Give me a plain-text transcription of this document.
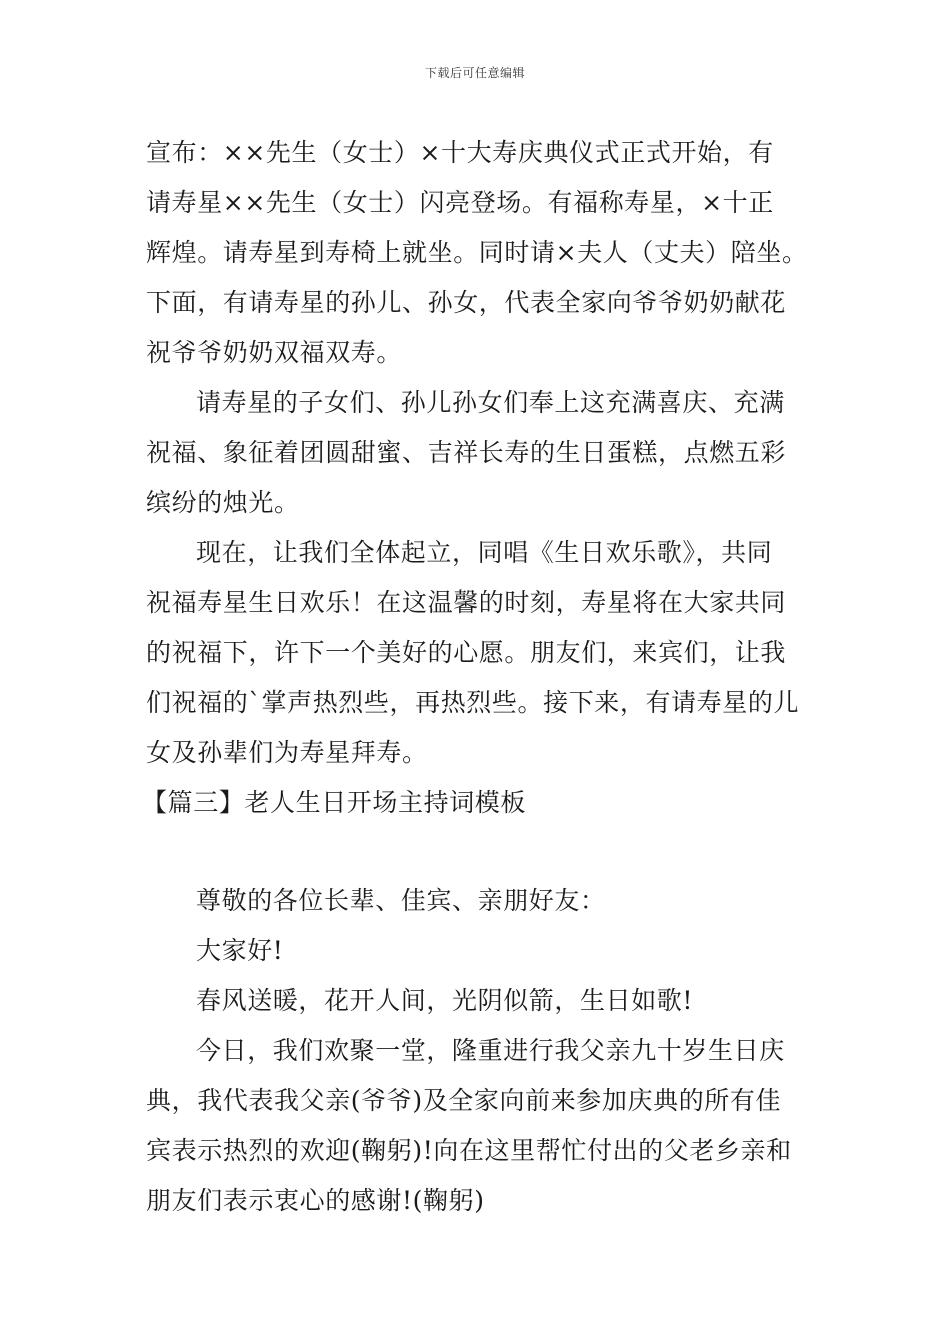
下载后可任意编辑
宣布：××先生（女士）×十大寿庆典仪式正式开始，有
请寿星××先生（女士）闪亮登场。有福称寿星，×十正
辉煌。请寿星到寿椅上就坐。同时请×夫人（丈夫）陪坐。
下面，有请寿星的孙儿、孙女，代表全家向爷爷奶奶献花
祝爷爷奶奶双福双寿。
请寿星的子女们、孙儿孙女们奉上这充满喜庆、充满
祝福、象征着团圆甜蜜、吉祥长寿的生日蛋糕，点燃五彩
缤纷的烛光。
现在，让我们全体起立，同唱《生日欢乐歌》，共同
祝福寿星生日欢乐！在这温馨的时刻，寿星将在大家共同
的祝福下，许下一个美好的心愿。朋友们，来宾们，让我
们祝福的`掌声热烈些，再热烈些。接下来，有请寿星的儿
女及孙辈们为寿星拜寿。
【篇三】老人生日开场主持词模板
尊敬的各位长辈、佳宾、亲朋好友：
大家好!
春风送暖，花开人间，光阴似箭，生日如歌!
今日，我们欢聚一堂，隆重进行我父亲九十岁生日庆
典，我代表我父亲(爷爷)及全家向前来参加庆典的所有佳
宾表示热烈的欢迎(鞠躬)!向在这里帮忙付出的父老乡亲和
朋友们表示衷心的感谢!(鞠躬)
